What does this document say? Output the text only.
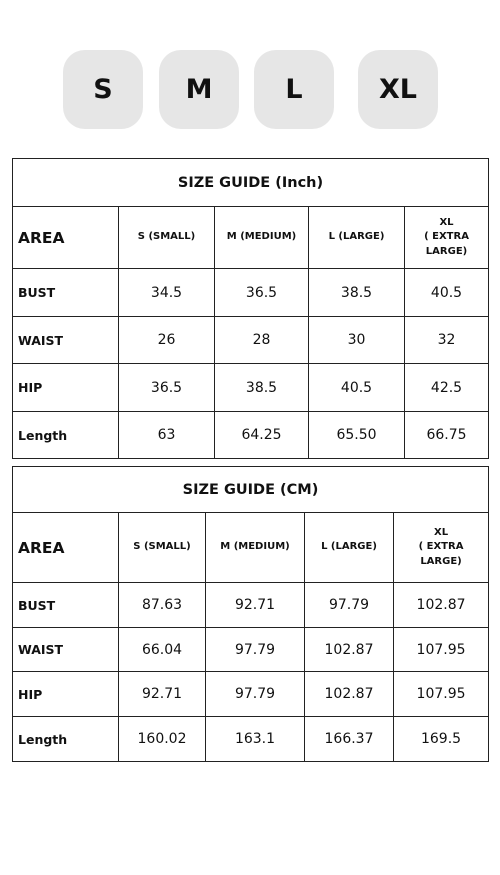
S	M	L	XL
SIZE GUIDE (Inch)				
AREA	S (SMALL)	M (MEDIUM)	L (LARGE)	XL
( EXTRA
LARGE)
BUST	34.5	36.5	38.5	40.5
WAIST	26	28	30	32
HIP	36.5	38.5	40.5	42.5
Length	63	64.25	65.50	66.75
SIZE GUIDE (CM)				
AREA	S (SMALL)	M (MEDIUM)	L (LARGE)	XL
( EXTRA
LARGE)
BUST	87.63	92.71	97.79	102.87
WAIST	66.04	97.79	102.87	107.95
HIP	92.71	97.79	102.87	107.95
Length	160.02	163.1	166.37	169.5
